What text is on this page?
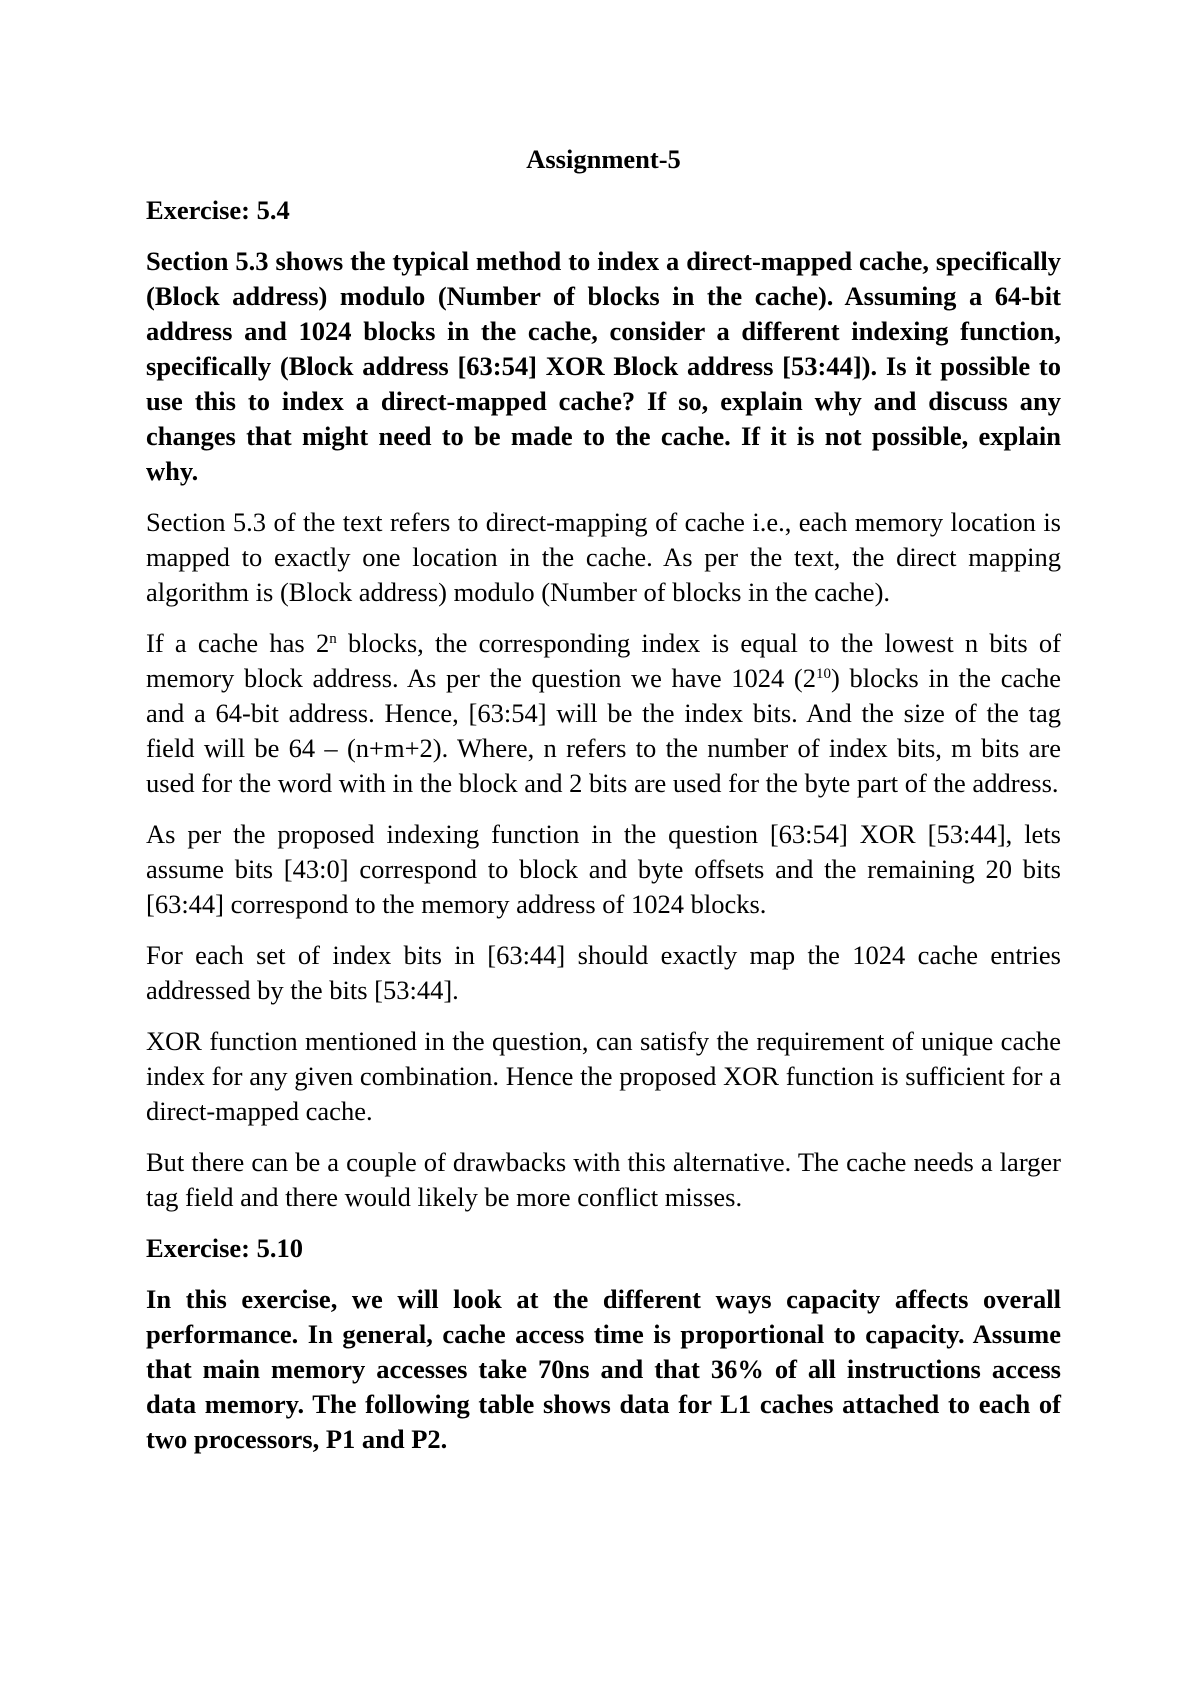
Assignment-5
Exercise: 5.4

Section 5.3 shows the typical method to index a direct-mapped cache, specifically (Block address) modulo (Number of blocks in the cache). Assuming a 64-bit address and 1024 blocks in the cache, consider a different indexing function, specifically (Block address [63:54] XOR Block address [53:44]). Is it possible to use this to index a direct-mapped cache? If so, explain why and discuss any changes that might need to be made to the cache. If it is not possible, explain why.

Section 5.3 of the text refers to direct-mapping of cache i.e., each memory location is mapped to exactly one location in the cache. As per the text, the direct mapping algorithm is (Block address) modulo (Number of blocks in the cache).

If a cache has 2$^n$ blocks, the corresponding index is equal to the lowest n bits of memory block address. As per the question we have 1024 $(2^{10})$ blocks in the cache and a 64-bit address. Hence, [63:54] will be the index bits. And the size of the tag field will be 64 – (n+m+2). Where, n refers to the number of index bits, m bits are used for the word with in the block and 2 bits are used for the byte part of the address.

As per the proposed indexing function in the question [63:54] XOR [53:44], lets assume bits [43:0] correspond to block and byte offsets and the remaining 20 bits [63:44] correspond to the memory address of 1024 blocks.

For each set of index bits in [63:44] should exactly map the 1024 cache entries addressed by the bits [53:44].

XOR function mentioned in the question, can satisfy the requirement of unique cache index for any given combination. Hence the proposed XOR function is sufficient for a direct-mapped cache.

But there can be a couple of drawbacks with this alternative. The cache needs a larger tag field and there would likely be more conflict misses.

Exercise: 5.10

In this exercise, we will look at the different ways capacity affects overall performance. In general, cache access time is proportional to capacity. Assume that main memory accesses take 70ns and that 36% of all instructions access data memory. The following table shows data for L1 caches attached to each of two processors, P1 and P2.
